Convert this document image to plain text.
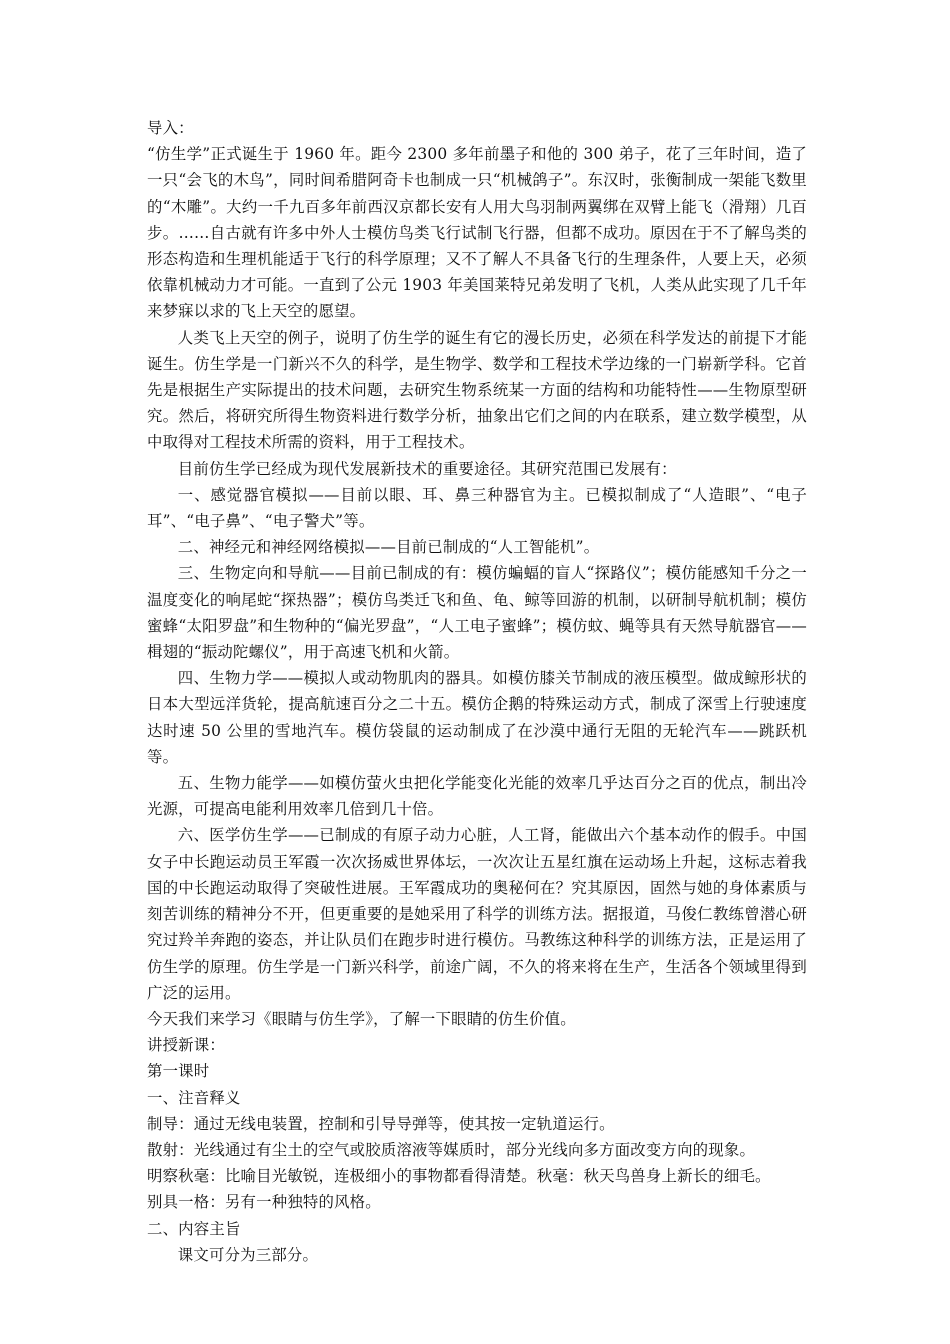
导入：

“仿生学”正式诞生于 1960 年。距今 2300 多年前墨子和他的 300 弟子，花了三年时间，造了一只“会飞的木鸟”，同时间希腊阿奇卡也制成一只“机械鸽子”。东汉时，张衡制成一架能飞数里的“木雕”。大约一千九百多年前西汉京都长安有人用大鸟羽制两翼绑在双臂上能飞（滑翔）几百步。……自古就有许多中外人士模仿鸟类飞行试制飞行器，但都不成功。原因在于不了解鸟类的形态构造和生理机能适于飞行的科学原理；又不了解人不具备飞行的生理条件，人要上天，必须依靠机械动力才可能。一直到了公元 1903 年美国莱特兄弟发明了飞机，人类从此实现了几千年来梦寐以求的飞上天空的愿望。

人类飞上天空的例子，说明了仿生学的诞生有它的漫长历史，必须在科学发达的前提下才能诞生。仿生学是一门新兴不久的科学，是生物学、数学和工程技术学边缘的一门崭新学科。它首先是根据生产实际提出的技术问题，去研究生物系统某一方面的结构和功能特性——生物原型研究。然后，将研究所得生物资料进行数学分析，抽象出它们之间的内在联系，建立数学模型，从中取得对工程技术所需的资料，用于工程技术。

目前仿生学已经成为现代发展新技术的重要途径。其研究范围已发展有：

一、感觉器官模拟——目前以眼、耳、鼻三种器官为主。已模拟制成了“人造眼”、“电子耳”、“电子鼻”、“电子警犬”等。

二、神经元和神经网络模拟——目前已制成的“人工智能机”。

三、生物定向和导航——目前已制成的有：模仿蝙蝠的盲人“探路仪”；模仿能感知千分之一温度变化的响尾蛇“探热器”；模仿鸟类迁飞和鱼、龟、鲸等回游的机制，以研制导航机制；模仿蜜蜂“太阳罗盘”和生物种的“偏光罗盘”，“人工电子蜜蜂”；模仿蚊、蝇等具有天然导航器官——楫翅的“振动陀螺仪”，用于高速飞机和火箭。

四、生物力学——模拟人或动物肌肉的器具。如模仿膝关节制成的液压模型。做成鲸形状的日本大型远洋货轮，提高航速百分之二十五。模仿企鹅的特殊运动方式，制成了深雪上行驶速度达时速 50 公里的雪地汽车。模仿袋鼠的运动制成了在沙漠中通行无阻的无轮汽车——跳跃机等。

五、生物力能学——如模仿萤火虫把化学能变化光能的效率几乎达百分之百的优点，制出冷光源，可提高电能利用效率几倍到几十倍。

六、医学仿生学——已制成的有原子动力心脏，人工肾，能做出六个基本动作的假手。中国女子中长跑运动员王军霞一次次扬威世界体坛，一次次让五星红旗在运动场上升起，这标志着我国的中长跑运动取得了突破性进展。王军霞成功的奥秘何在？究其原因，固然与她的身体素质与刻苦训练的精神分不开，但更重要的是她采用了科学的训练方法。据报道，马俊仁教练曾潜心研究过羚羊奔跑的姿态，并让队员们在跑步时进行模仿。马教练这种科学的训练方法，正是运用了仿生学的原理。仿生学是一门新兴科学，前途广阔，不久的将来将在生产，生活各个领域里得到广泛的运用。

今天我们来学习《眼睛与仿生学》，了解一下眼睛的仿生价值。

讲授新课：

第一课时

一、注音释义

制导：通过无线电装置，控制和引导导弹等，使其按一定轨道运行。

散射：光线通过有尘土的空气或胶质溶液等媒质时，部分光线向多方面改变方向的现象。

明察秋毫：比喻目光敏锐，连极细小的事物都看得清楚。秋毫：秋天鸟兽身上新长的细毛。

别具一格：另有一种独特的风格。

二、内容主旨

课文可分为三部分。
